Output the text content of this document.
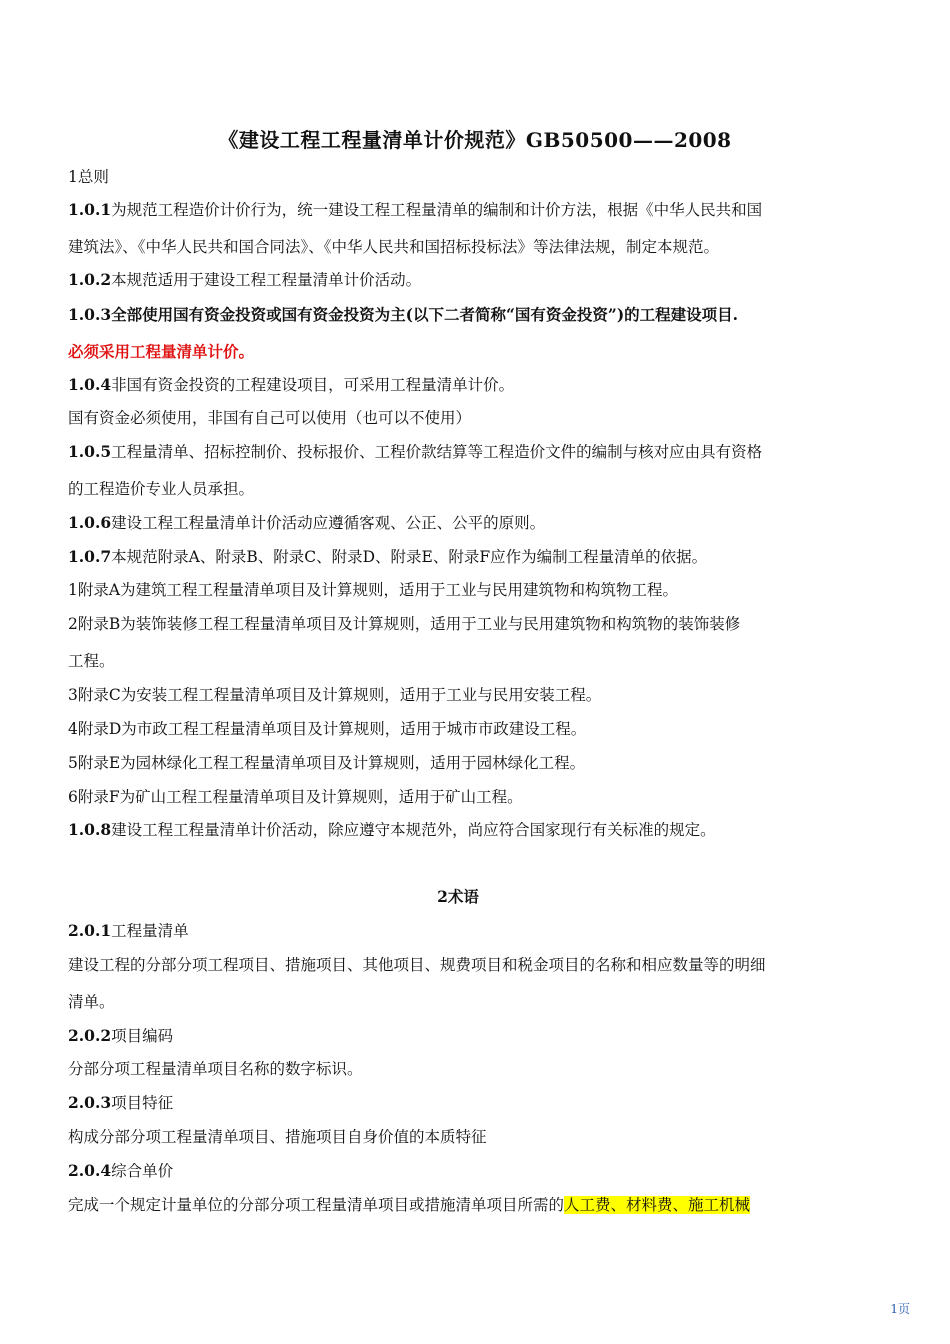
《建设工程工程量清单计价规范》GB50500——2008
1总则
1.0.1为规范工程造价计价行为，统一建设工程工程量清单的编制和计价方法，根据《中华人民共和国
建筑法》、《中华人民共和国合同法》、《中华人民共和国招标投标法》等法律法规，制定本规范。
1.0.2本规范适用于建设工程工程量清单计价活动。
1.0.3全部使用国有资金投资或国有资金投资为主(以下二者简称“国有资金投资”)的工程建设项目.
必须采用工程量清单计价。
1.0.4非国有资金投资的工程建设项目，可采用工程量清单计价。
国有资金必须使用，非国有自己可以使用（也可以不使用）
1.0.5工程量清单、招标控制价、投标报价、工程价款结算等工程造价文件的编制与核对应由具有资格
的工程造价专业人员承担。
1.0.6建设工程工程量清单计价活动应遵循客观、公正、公平的原则。
1.0.7本规范附录A、附录B、附录C、附录D、附录E、附录F应作为编制工程量清单的依据。
1附录A为建筑工程工程量清单项目及计算规则，适用于工业与民用建筑物和构筑物工程。
2附录B为装饰装修工程工程量清单项目及计算规则，适用于工业与民用建筑物和构筑物的装饰装修
工程。
3附录C为安装工程工程量清单项目及计算规则，适用于工业与民用安装工程。
4附录D为市政工程工程量清单项目及计算规则，适用于城市市政建设工程。
5附录E为园林绿化工程工程量清单项目及计算规则，适用于园林绿化工程。
6附录F为矿山工程工程量清单项目及计算规则，适用于矿山工程。
1.0.8建设工程工程量清单计价活动，除应遵守本规范外，尚应符合国家现行有关标准的规定。
2术语
2.0.1工程量清单
建设工程的分部分项工程项目、措施项目、其他项目、规费项目和税金项目的名称和相应数量等的明细
清单。
2.0.2项目编码
分部分项工程量清单项目名称的数字标识。
2.0.3项目特征
构成分部分项工程量清单项目、措施项目自身价值的本质特征
2.0.4综合单价
完成一个规定计量单位的分部分项工程量清单项目或措施清单项目所需的人工费、材料费、施工机械
1页
